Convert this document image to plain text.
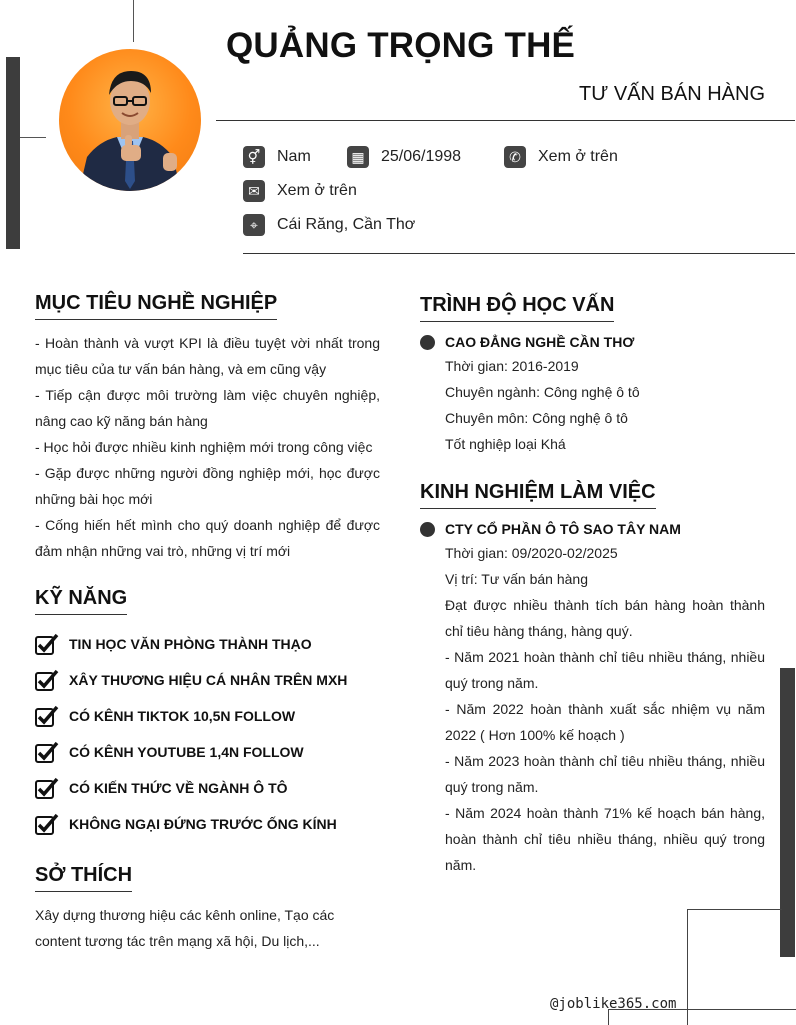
QUẢNG TRỌNG THẾ
TƯ VẤN BÁN HÀNG
⚥ Nam	▦ 25/06/1998	✆	Xem ở trên
✉	Xem ở trên
⌖	Cái Răng, Cần Thơ
MỤC TIÊU NGHỀ NGHIỆP
- Hoàn thành và vượt KPI là điều tuyệt vời nhất trong mục tiêu của tư vấn bán hàng, và em cũng vậy
- Tiếp cận được môi trường làm việc chuyên nghiệp, nâng cao kỹ năng bán hàng
- Học hỏi được nhiều kinh nghiệm mới trong công việc
- Gặp được những người đồng nghiệp mới, học được những bài học mới
- Cống hiến hết mình cho quý doanh nghiệp để được đảm nhận những vai trò, những vị trí mới
KỸ NĂNG
TIN HỌC VĂN PHÒNG THÀNH THẠO
XÂY THƯƠNG HIỆU CÁ NHÂN TRÊN MXH
CÓ KÊNH TIKTOK 10,5N FOLLOW
CÓ KÊNH YOUTUBE 1,4N FOLLOW
CÓ KIẾN THỨC VỀ NGÀNH Ô TÔ
KHÔNG NGẠI ĐỨNG TRƯỚC ỐNG KÍNH
SỞ THÍCH
Xây dựng thương hiệu các kênh online, Tạo các content tương tác trên mạng xã hội, Du lịch,...
TRÌNH ĐỘ HỌC VẤN
CAO ĐẲNG NGHỀ CẦN THƠ
Thời gian: 2016-2019
Chuyên ngành: Công nghệ ô tô
Chuyên môn: Công nghệ ô tô
Tốt nghiệp loại Khá
KINH NGHIỆM LÀM VIỆC
CTY CỔ PHẦN Ô TÔ SAO TÂY NAM
Thời gian: 09/2020-02/2025
Vị trí: Tư vấn bán hàng
Đạt được nhiều thành tích bán hàng hoàn thành chỉ tiêu hàng tháng, hàng quý.
- Năm 2021 hoàn thành chỉ tiêu nhiều tháng, nhiều quý trong năm.
- Năm 2022 hoàn thành xuất sắc nhiệm vụ năm 2022 ( Hơn 100% kế hoạch )
- Năm 2023 hoàn thành chỉ tiêu nhiều tháng, nhiều quý trong năm.
- Năm 2024 hoàn thành 71% kế hoạch bán hàng, hoàn thành chỉ tiêu nhiều tháng, nhiều quý trong năm.
@joblike365.com
